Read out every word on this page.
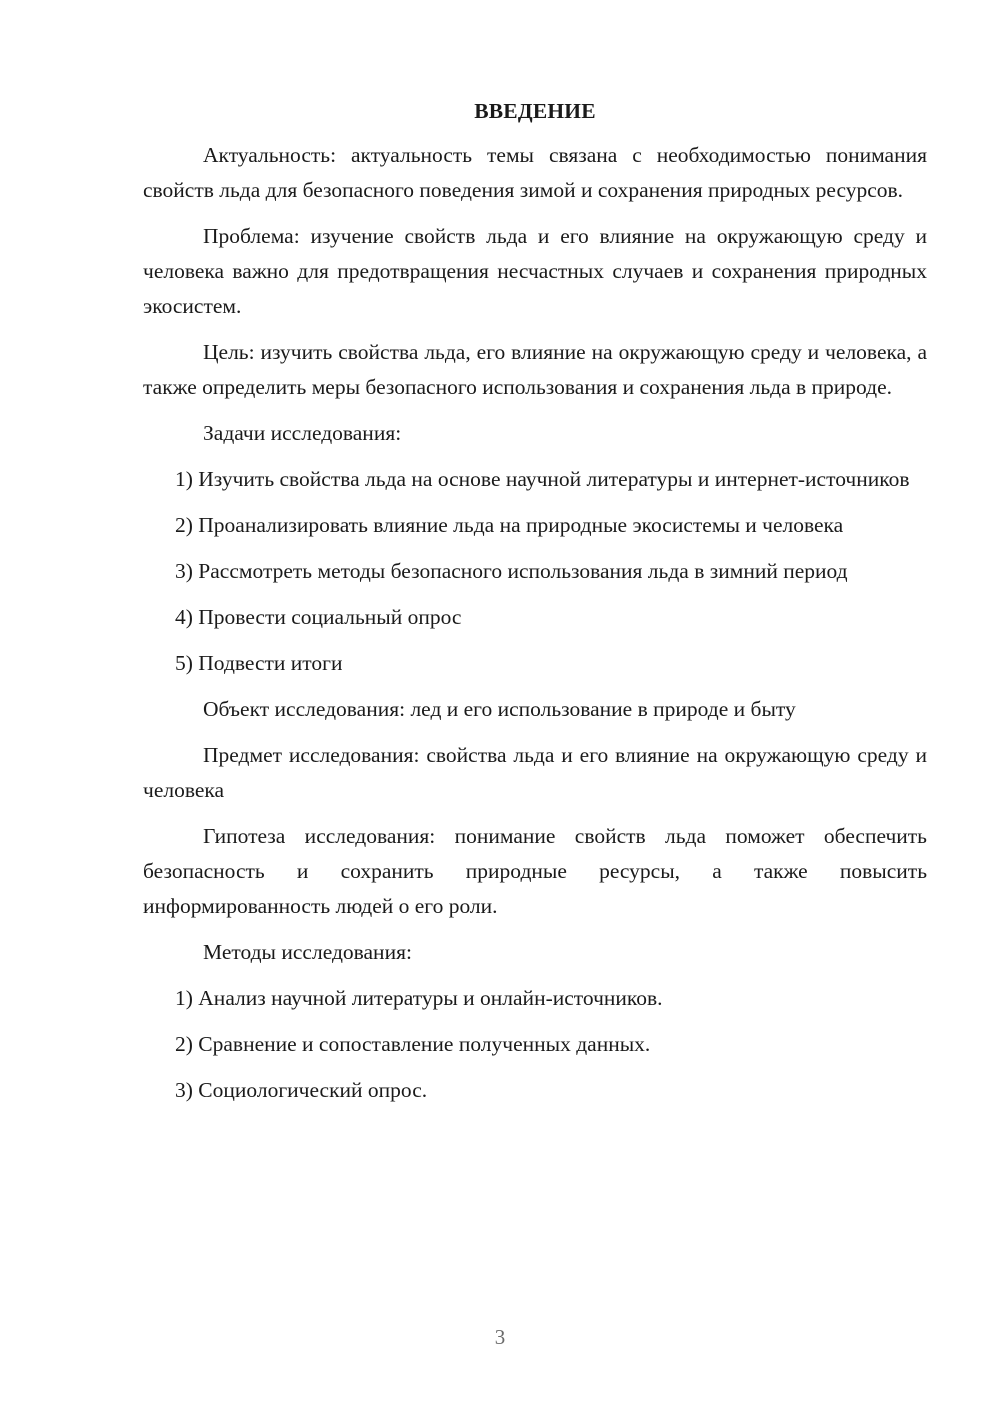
ВВЕДЕНИЕ

Актуальность: актуальность темы связана с необходимостью понимания свойств льда для безопасного поведения зимой и сохранения природных ресурсов.

Проблема: изучение свойств льда и его влияние на окружающую среду и человека важно для предотвращения несчастных случаев и сохранения природных экосистем.

Цель: изучить свойства льда, его влияние на окружающую среду и человека, а также определить меры безопасного использования и сохранения льда в природе.

Задачи исследования:

1) Изучить свойства льда на основе научной литературы и интернет-источников

2) Проанализировать влияние льда на природные экосистемы и человека

3) Рассмотреть методы безопасного использования льда в зимний период

4) Провести социальный опрос

5) Подвести итоги

Объект исследования: лед и его использование в природе и быту

Предмет исследования: свойства льда и его влияние на окружающую среду и человека

Гипотеза исследования: понимание свойств льда поможет обеспечить безопасность и сохранить природные ресурсы, а также повысить информированность людей о его роли.

Методы исследования:

1) Анализ научной литературы и онлайн-источников.

2) Сравнение и сопоставление полученных данных.

3) Социологический опрос.

3
